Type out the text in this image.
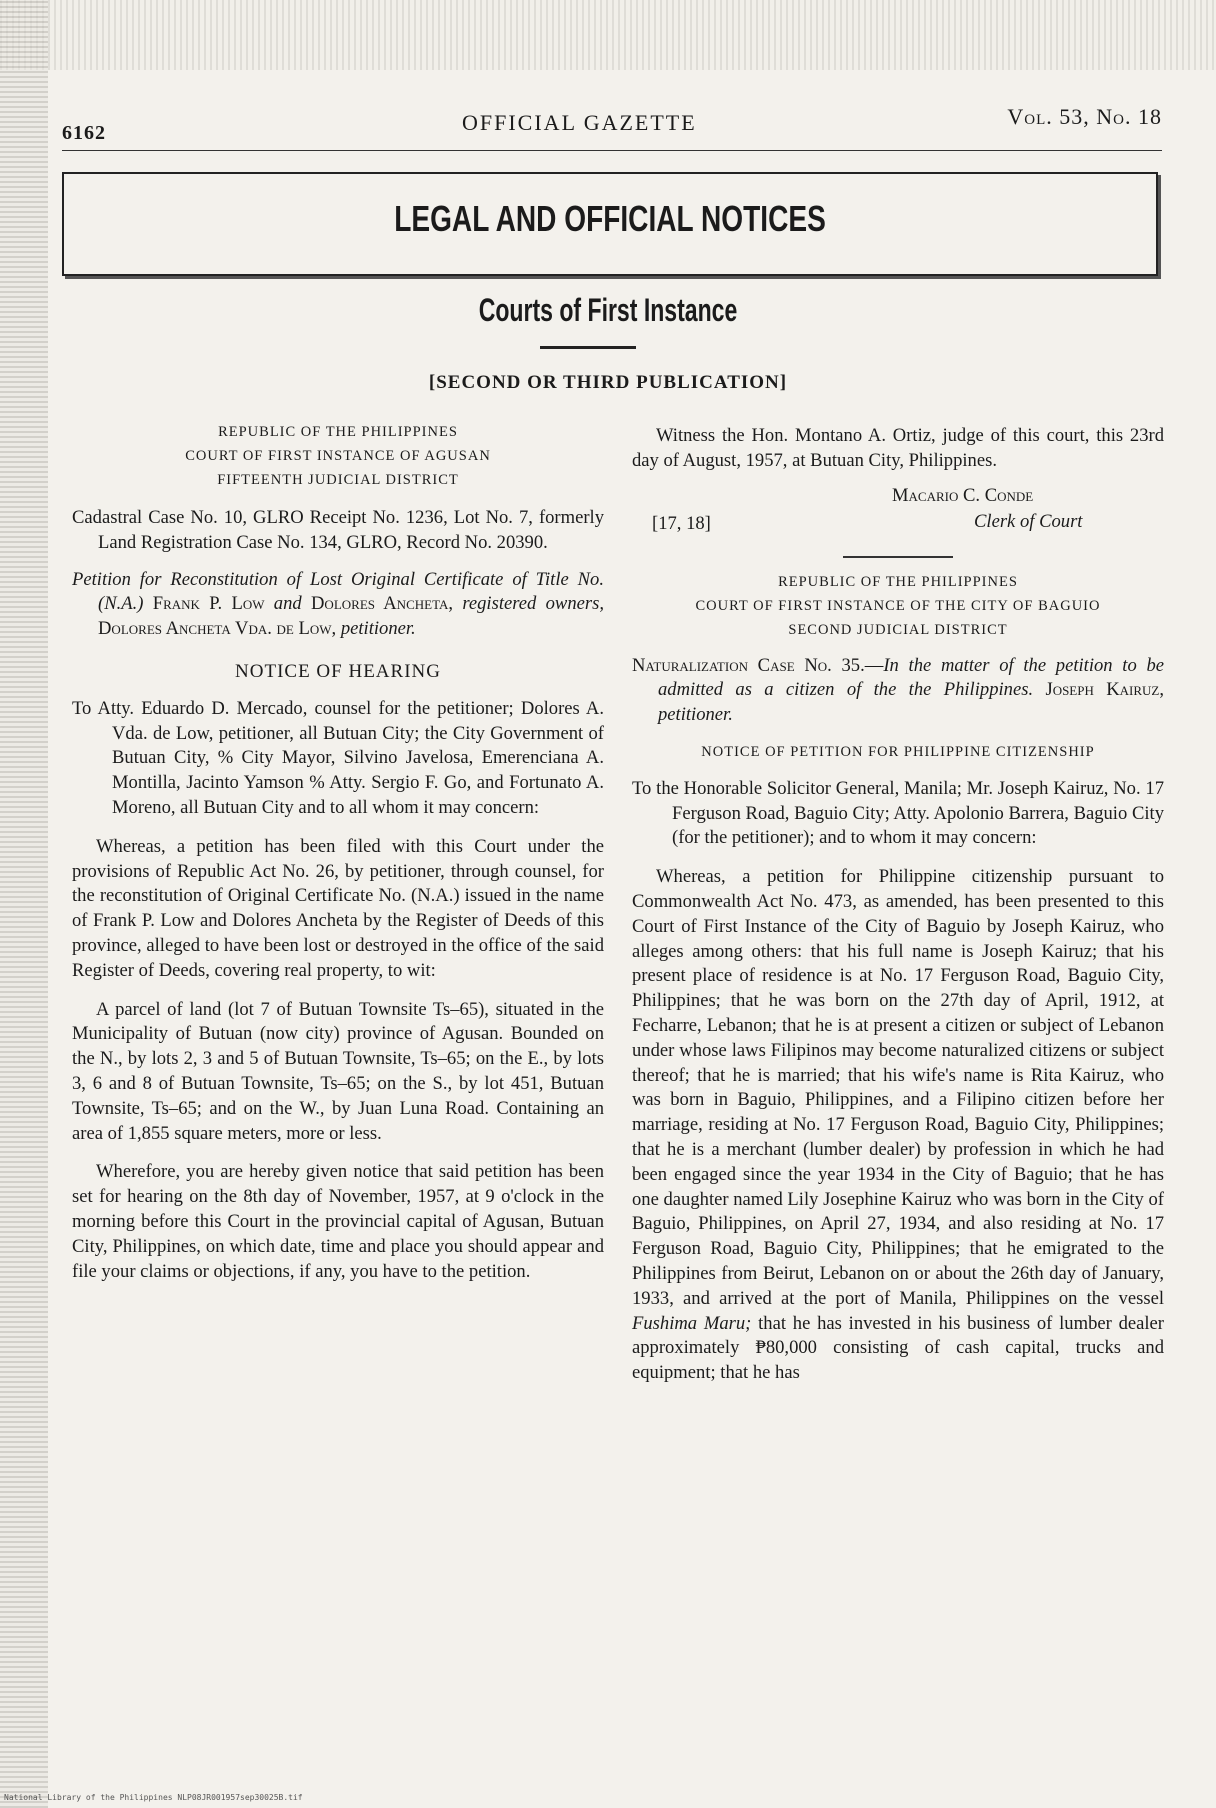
6162	OFFICIAL GAZETTE	Vol. 53, No. 18
LEGAL AND OFFICIAL NOTICES
Courts of First Instance
[SECOND OR THIRD PUBLICATION]

REPUBLIC OF THE PHILIPPINES

COURT OF FIRST INSTANCE OF AGUSAN

FIFTEENTH JUDICIAL DISTRICT

Cadastral Case No. 10, GLRO Receipt No. 1236, Lot No. 7, formerly Land Registration Case No. 134, GLRO, Record No. 20390.

Petition for Reconstitution of Lost Original Certificate of Title No. (N.A.) Frank P. Low and Dolores Ancheta, registered owners, Dolores Ancheta Vda. de Low, petitioner.

NOTICE OF HEARING

To Atty. Eduardo D. Mercado, counsel for the petitioner; Dolores A. Vda. de Low, petitioner, all Butuan City; the City Government of Butuan City, % City Mayor, Silvino Javelosa, Emerenciana A. Montilla, Jacinto Yamson % Atty. Sergio F. Go, and Fortunato A. Moreno, all Butuan City and to all whom it may concern:

Whereas, a petition has been filed with this Court under the provisions of Republic Act No. 26, by petitioner, through counsel, for the reconstitution of Original Certificate No. (N.A.) issued in the name of Frank P. Low and Dolores Ancheta by the Register of Deeds of this province, alleged to have been lost or destroyed in the office of the said Register of Deeds, covering real property, to wit:

A parcel of land (lot 7 of Butuan Townsite Ts–65), situated in the Municipality of Butuan (now city) province of Agusan. Bounded on the N., by lots 2, 3 and 5 of Butuan Townsite, Ts–65; on the E., by lots 3, 6 and 8 of Butuan Townsite, Ts–65; on the S., by lot 451, Butuan Townsite, Ts–65; and on the W., by Juan Luna Road. Containing an area of 1,855 square meters, more or less.

Wherefore, you are hereby given notice that said petition has been set for hearing on the 8th day of November, 1957, at 9 o'clock in the morning before this Court in the provincial capital of Agusan, Butuan City, Philippines, on which date, time and place you should appear and file your claims or objections, if any, you have to the petition.

Witness the Hon. Montano A. Ortiz, judge of this court, this 23rd day of August, 1957, at Butuan City, Philippines.

[17, 18]
Macario C. Conde
Clerk of Court

REPUBLIC OF THE PHILIPPINES

COURT OF FIRST INSTANCE OF THE CITY OF BAGUIO

SECOND JUDICIAL DISTRICT

Naturalization Case No. 35.—In the matter of the petition to be admitted as a citizen of the the Philippines. Joseph Kairuz, petitioner.

NOTICE OF PETITION FOR PHILIPPINE CITIZENSHIP

To the Honorable Solicitor General, Manila; Mr. Joseph Kairuz, No. 17 Ferguson Road, Baguio City; Atty. Apolonio Barrera, Baguio City (for the petitioner); and to whom it may concern:

Whereas, a petition for Philippine citizenship pursuant to Commonwealth Act No. 473, as amended, has been presented to this Court of First Instance of the City of Baguio by Joseph Kairuz, who alleges among others: that his full name is Joseph Kairuz; that his present place of residence is at No. 17 Ferguson Road, Baguio City, Philippines; that he was born on the 27th day of April, 1912, at Fecharre, Lebanon; that he is at present a citizen or subject of Lebanon under whose laws Filipinos may become naturalized citizens or subject thereof; that he is married; that his wife's name is Rita Kairuz, who was born in Baguio, Philippines, and a Filipino citizen before her marriage, residing at No. 17 Ferguson Road, Baguio City, Philippines; that he is a merchant (lumber dealer) by profession in which he had been engaged since the year 1934 in the City of Baguio; that he has one daughter named Lily Josephine Kairuz who was born in the City of Baguio, Philippines, on April 27, 1934, and also residing at No. 17 Ferguson Road, Baguio City, Philippines; that he emigrated to the Philippines from Beirut, Lebanon on or about the 26th day of January, 1933, and arrived at the port of Manila, Philippines on the vessel Fushima Maru; that he has invested in his business of lumber dealer approximately ₱80,000 consisting of cash capital, trucks and equipment; that he has

National Library of the Philippines NLP08JR001957sep30025B.tif
